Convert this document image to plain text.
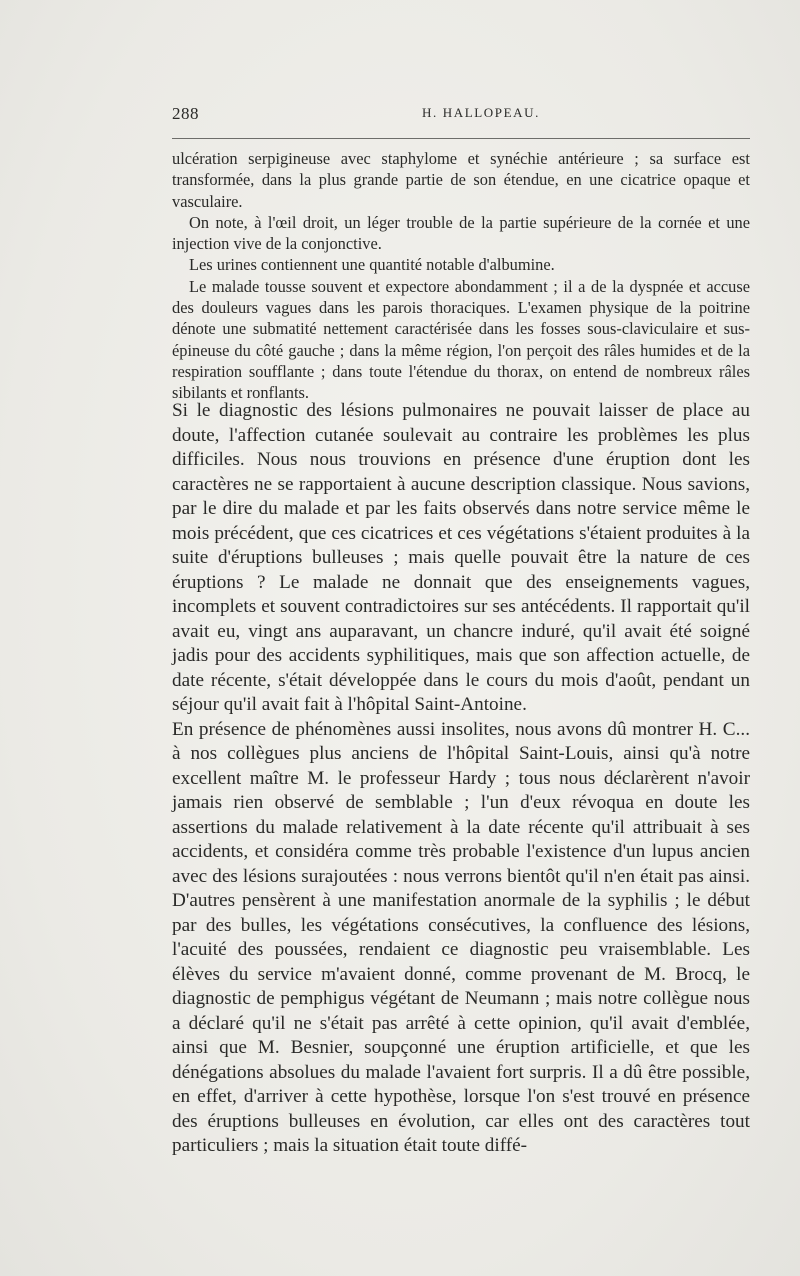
288	H. HALLOPEAU.

ulcération serpigineuse avec staphylome et synéchie antérieure ; sa surface est transformée, dans la plus grande partie de son étendue, en une cicatrice opaque et vasculaire.

On note, à l'œil droit, un léger trouble de la partie supérieure de la cornée et une injection vive de la conjonctive.

Les urines contiennent une quantité notable d'albumine.

Le malade tousse souvent et expectore abondamment ; il a de la dyspnée et accuse des douleurs vagues dans les parois thoraciques. L'examen physique de la poitrine dénote une submatité nettement caractérisée dans les fosses sous-claviculaire et sus-épineuse du côté gauche ; dans la même région, l'on perçoit des râles humides et de la respiration soufflante ; dans toute l'étendue du thorax, on entend de nombreux râles sibilants et ronflants.

Si le diagnostic des lésions pulmonaires ne pouvait laisser de place au doute, l'affection cutanée soulevait au contraire les problèmes les plus difficiles. Nous nous trouvions en présence d'une éruption dont les caractères ne se rapportaient à aucune description classique. Nous savions, par le dire du malade et par les faits observés dans notre service même le mois précédent, que ces cicatrices et ces végétations s'étaient produites à la suite d'éruptions bulleuses ; mais quelle pouvait être la nature de ces éruptions ? Le malade ne donnait que des enseignements vagues, incomplets et souvent contradictoires sur ses antécédents. Il rapportait qu'il avait eu, vingt ans auparavant, un chancre induré, qu'il avait été soigné jadis pour des accidents syphilitiques, mais que son affection actuelle, de date récente, s'était développée dans le cours du mois d'août, pendant un séjour qu'il avait fait à l'hôpital Saint-Antoine.

En présence de phénomènes aussi insolites, nous avons dû montrer H. C... à nos collègues plus anciens de l'hôpital Saint-Louis, ainsi qu'à notre excellent maître M. le professeur Hardy ; tous nous déclarèrent n'avoir jamais rien observé de semblable ; l'un d'eux révoqua en doute les assertions du malade relativement à la date récente qu'il attribuait à ses accidents, et considéra comme très probable l'existence d'un lupus ancien avec des lésions surajoutées : nous verrons bientôt qu'il n'en était pas ainsi. D'autres pensèrent à une manifestation anormale de la syphilis ; le début par des bulles, les végétations consécutives, la confluence des lésions, l'acuité des poussées, rendaient ce diagnostic peu vraisemblable. Les élèves du service m'avaient donné, comme provenant de M. Brocq, le diagnostic de pemphigus végétant de Neumann ; mais notre collègue nous a déclaré qu'il ne s'était pas arrêté à cette opinion, qu'il avait d'emblée, ainsi que M. Besnier, soupçonné une éruption artificielle, et que les dénégations absolues du malade l'avaient fort surpris. Il a dû être possible, en effet, d'arriver à cette hypothèse, lorsque l'on s'est trouvé en présence des éruptions bulleuses en évolution, car elles ont des caractères tout particuliers ; mais la situation était toute diffé-
